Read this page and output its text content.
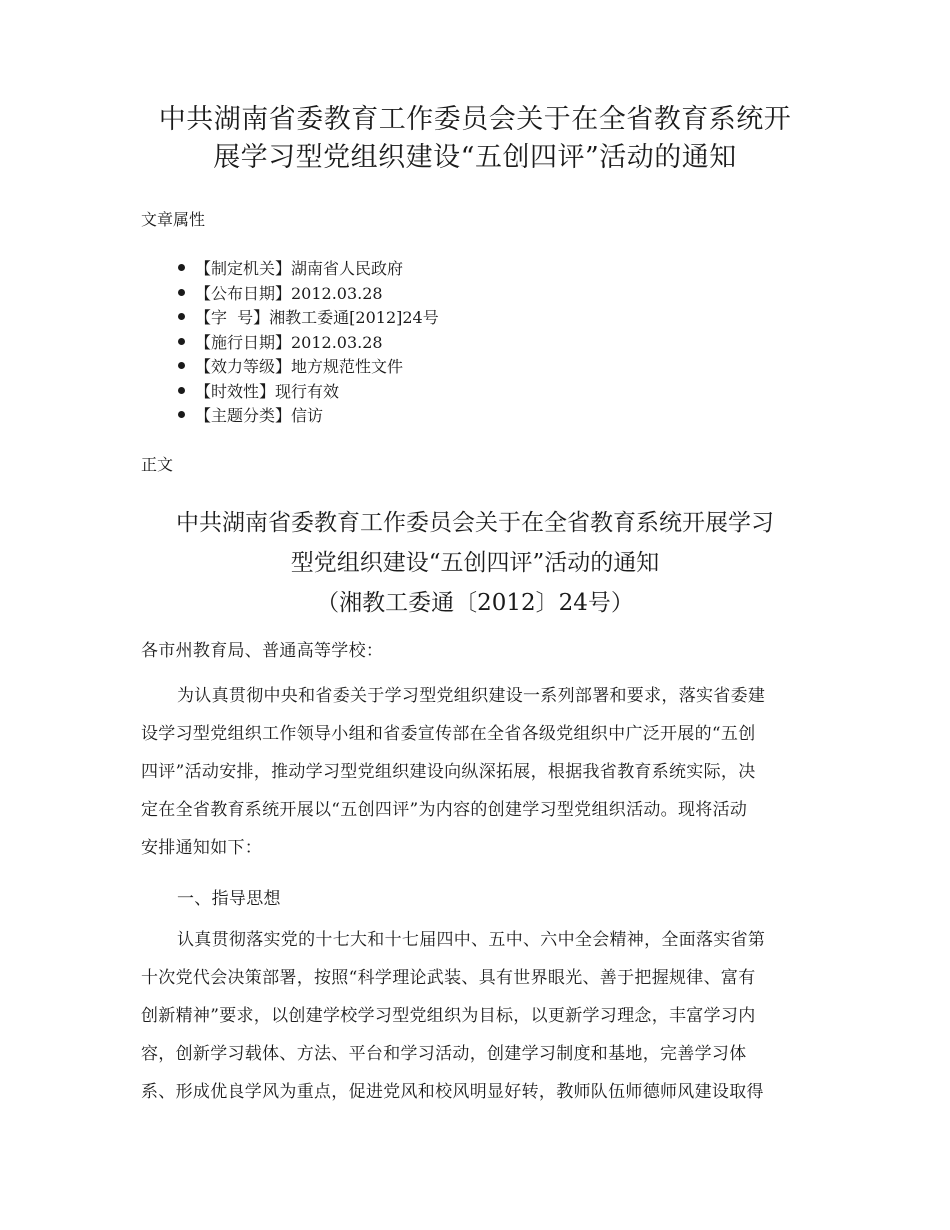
中共湖南省委教育工作委员会关于在全省教育系统开
展学习型党组织建设“五创四评”活动的通知
文章属性
【制定机关】湖南省人民政府
【公布日期】2012.03.28
【字  号】湘教工委通[2012]24号
【施行日期】2012.03.28
【效力等级】地方规范性文件
【时效性】现行有效
【主题分类】信访
正文
中共湖南省委教育工作委员会关于在全省教育系统开展学习
型党组织建设“五创四评”活动的通知
（湘教工委通〔2012〕24号）
各市州教育局、普通高等学校：
为认真贯彻中央和省委关于学习型党组织建设一系列部署和要求，落实省委建
设学习型党组织工作领导小组和省委宣传部在全省各级党组织中广泛开展的“五创
四评”活动安排，推动学习型党组织建设向纵深拓展，根据我省教育系统实际，决
定在全省教育系统开展以“五创四评”为内容的创建学习型党组织活动。现将活动
安排通知如下：
一、指导思想
认真贯彻落实党的十七大和十七届四中、五中、六中全会精神，全面落实省第
十次党代会决策部署，按照“科学理论武装、具有世界眼光、善于把握规律、富有
创新精神”要求，以创建学校学习型党组织为目标，以更新学习理念，丰富学习内
容，创新学习载体、方法、平台和学习活动，创建学习制度和基地，完善学习体
系、形成优良学风为重点，促进党风和校风明显好转，教师队伍师德师风建设取得
